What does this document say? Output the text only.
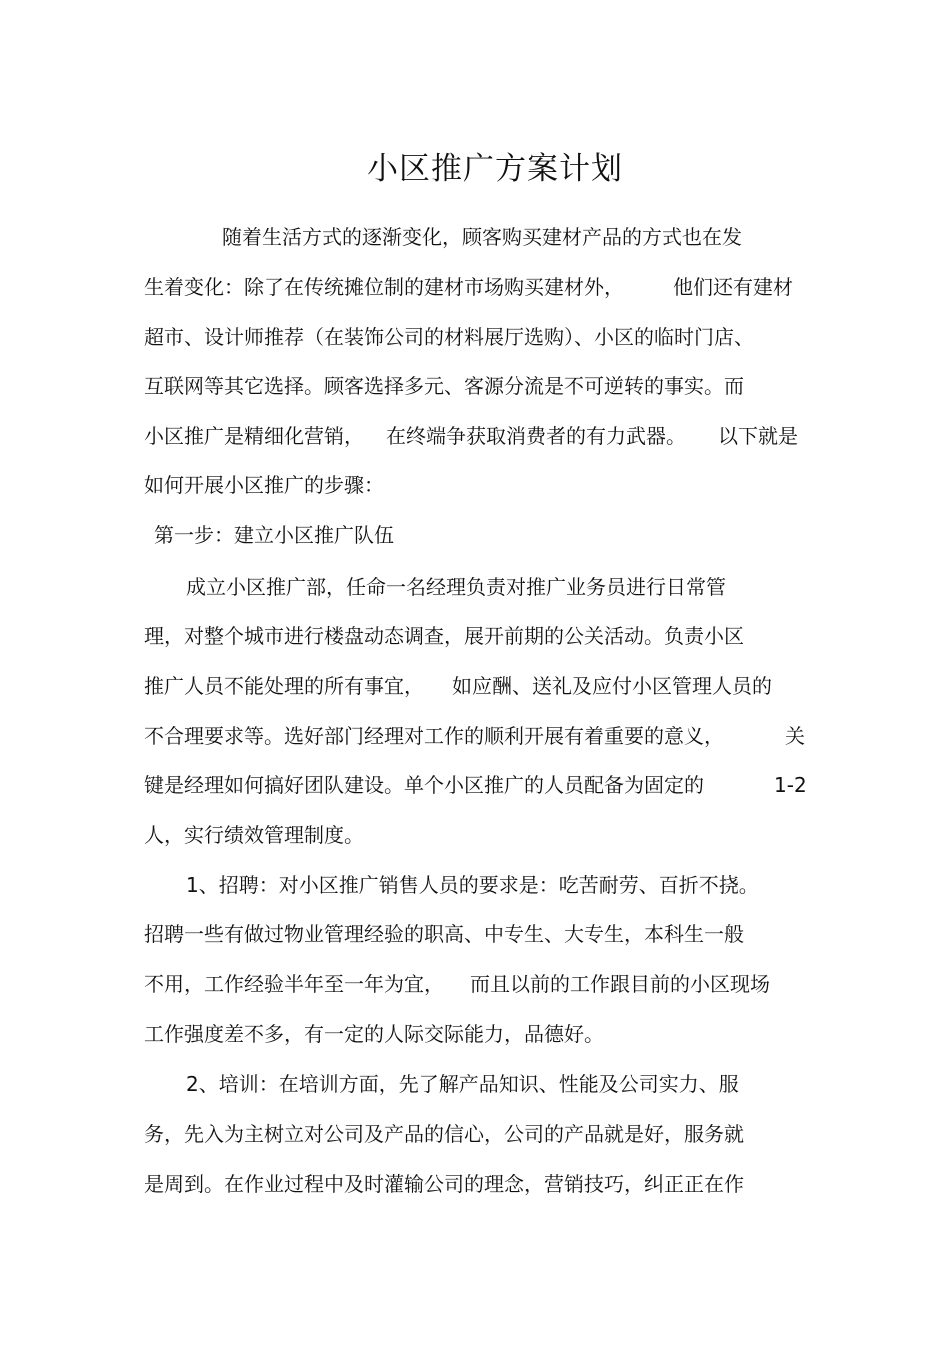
小区推广方案计划
随着生活方式的逐渐变化，顾客购买建材产品的方式也在发
生着变化：除了在传统摊位制的建材市场购买建材外， 他们还有建材
超市、设计师推荐（在装饰公司的材料展厅选购）、小区的临时门店、
互联网等其它选择。顾客选择多元、客源分流是不可逆转的事实。而
小区推广是精细化营销， 在终端争获取消费者的有力武器。 以下就是
如何开展小区推广的步骤：
第一步：建立小区推广队伍
成立小区推广部，任命一名经理负责对推广业务员进行日常管
理，对整个城市进行楼盘动态调查，展开前期的公关活动。负责小区
推广人员不能处理的所有事宜， 如应酬、送礼及应付小区管理人员的
不合理要求等。选好部门经理对工作的顺利开展有着重要的意义，	关
键是经理如何搞好团队建设。单个小区推广的人员配备为固定的	1-2
人，实行绩效管理制度。
1、招聘：对小区推广销售人员的要求是：吃苦耐劳、百折不挠。
招聘一些有做过物业管理经验的职高、中专生、大专生，本科生一般
不用，工作经验半年至一年为宜， 而且以前的工作跟目前的小区现场
工作强度差不多，有一定的人际交际能力，品德好。
2、培训：在培训方面，先了解产品知识、性能及公司实力、服
务，先入为主树立对公司及产品的信心，公司的产品就是好，服务就
是周到。在作业过程中及时灌输公司的理念，营销技巧，纠正正在作
